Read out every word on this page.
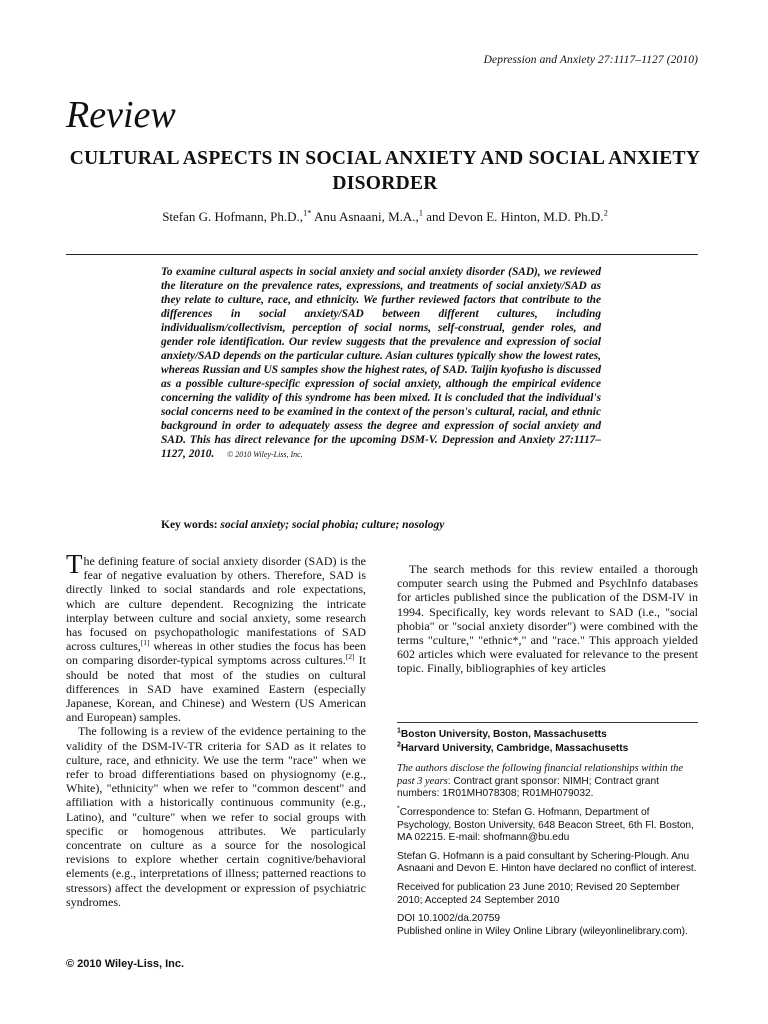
Depression and Anxiety 27:1117–1127 (2010)
Review
CULTURAL ASPECTS IN SOCIAL ANXIETY AND SOCIAL ANXIETY DISORDER
Stefan G. Hofmann, Ph.D.,$^{1*}$ Anu Asnaani, M.A.,$^1$ and Devon E. Hinton, M.D. Ph.D.$^2$
To examine cultural aspects in social anxiety and social anxiety disorder (SAD), we reviewed the literature on the prevalence rates, expressions, and treatments of social anxiety/SAD as they relate to culture, race, and ethnicity. We further reviewed factors that contribute to the differences in social anxiety/SAD between different cultures, including individualism/collectivism, perception of social norms, self-construal, gender roles, and gender role identification. Our review suggests that the prevalence and expression of social anxiety/SAD depends on the particular culture. Asian cultures typically show the lowest rates, whereas Russian and US samples show the highest rates, of SAD. Taijin kyofusho is discussed as a possible culture-specific expression of social anxiety, although the empirical evidence concerning the validity of this syndrome has been mixed. It is concluded that the individual's social concerns need to be examined in the context of the person's cultural, racial, and ethnic background in order to adequately assess the degree and expression of social anxiety and SAD. This has direct relevance for the upcoming DSM-V. Depression and Anxiety 27:1117–1127, 2010. © 2010 Wiley-Liss, Inc.
Key words: social anxiety; social phobia; culture; nosology

The defining feature of social anxiety disorder (SAD) is the fear of negative evaluation by others. Therefore, SAD is directly linked to social standards and role expectations, which are culture dependent. Recognizing the intricate interplay between culture and social anxiety, some research has focused on psychopathologic manifestations of SAD across cultures,[1] whereas in other studies the focus has been on comparing disorder-typical symptoms across cultures.[2] It should be noted that most of the studies on cultural differences in SAD have examined Eastern (especially Japanese, Korean, and Chinese) and Western (US American and European) samples.

The following is a review of the evidence pertaining to the validity of the DSM-IV-TR criteria for SAD as it relates to culture, race, and ethnicity. We use the term "race" when we refer to broad differentiations based on physiognomy (e.g., White), "ethnicity" when we refer to "common descent" and affiliation with a historically continuous community (e.g., Latino), and "culture" when we refer to social groups with specific or homogenous attributes. We particularly concentrate on culture as a source for the nosological revisions to explore whether certain cognitive/behavioral elements (e.g., interpretations of illness; patterned reactions to stressors) affect the development or expression of psychiatric syndromes.

The search methods for this review entailed a thorough computer search using the Pubmed and PsychInfo databases for articles published since the publication of the DSM-IV in 1994. Specifically, key words relevant to SAD (i.e., "social phobia" or "social anxiety disorder") were combined with the terms "culture," "ethnic*," and "race." This approach yielded 602 articles which were evaluated for relevance to the present topic. Finally, bibliographies of key articles

$^1$Boston University, Boston, Massachusetts

$^2$Harvard University, Cambridge, Massachusetts

The authors disclose the following financial relationships within the past 3 years: Contract grant sponsor: NIMH; Contract grant numbers: 1R01MH078308; R01MH079032.

*Correspondence to: Stefan G. Hofmann, Department of Psychology, Boston University, 648 Beacon Street, 6th Fl. Boston, MA 02215. E-mail: shofmann@bu.edu

Stefan G. Hofmann is a paid consultant by Schering-Plough. Anu Asnaani and Devon E. Hinton have declared no conflict of interest.

Received for publication 23 June 2010; Revised 20 September 2010; Accepted 24 September 2010

DOI 10.1002/da.20759

Published online in Wiley Online Library (wileyonlinelibrary.com).

© 2010 Wiley-Liss, Inc.
